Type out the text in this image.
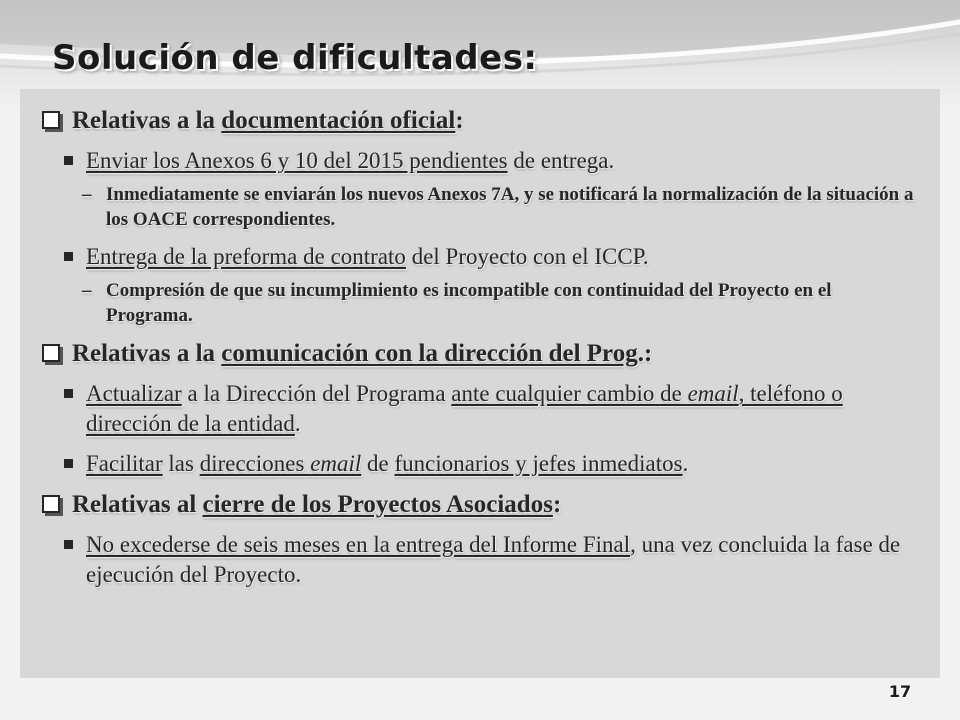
Solución de dificultades:

Relativas a la documentación oficial:

Enviar los Anexos 6 y 10 del 2015 pendientes de entrega.

– Inmediatamente se enviarán los nuevos Anexos 7A, y se notificará la normalización de la situación a los OACE correspondientes.

Entrega de la preforma de contrato del Proyecto con el ICCP.

– Compresión de que su incumplimiento es incompatible con continuidad del Proyecto en el Programa.

Relativas a la comunicación con la dirección del Prog.:

Actualizar a la Dirección del Programa ante cualquier cambio de email, teléfono o dirección de la entidad.

Facilitar las direcciones email de funcionarios y jefes inmediatos.

Relativas al cierre de los Proyectos Asociados:

No excederse de seis meses en la entrega del Informe Final, una vez concluida la fase de ejecución del Proyecto.

17
